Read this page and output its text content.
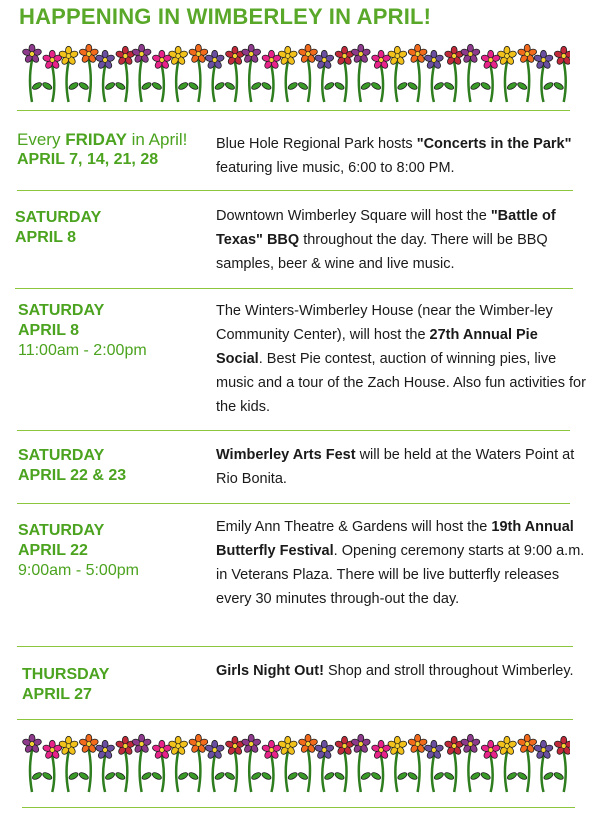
HAPPENING IN WIMBERLEY IN APRIL!
Every FRIDAY in April!
APRIL 7, 14, 21, 28
Blue Hole Regional Park hosts "Concerts in the Park" featuring live music, 6:00 to 8:00 PM.
SATURDAY
APRIL 8
Downtown Wimberley Square will host the "Battle of Texas" BBQ throughout the day. There will be BBQ samples, beer & wine and live music.
SATURDAY
APRIL 8
11:00am - 2:00pm
The Winters-Wimberley House (near the Wimber-ley Community Center), will host the 27th Annual Pie Social. Best Pie contest, auction of winning pies, live music and a tour of the Zach House. Also fun activities for the kids.
SATURDAY
APRIL 22 & 23
Wimberley Arts Fest will be held at the Waters Point at Rio Bonita.
SATURDAY
APRIL 22
9:00am - 5:00pm
Emily Ann Theatre & Gardens will host the 19th Annual Butterfly Festival. Opening ceremony starts at 9:00 a.m. in Veterans Plaza. There will be live butterfly releases every 30 minutes through-out the day.
THURSDAY
APRIL 27
Girls Night Out! Shop and stroll throughout Wimberley.
